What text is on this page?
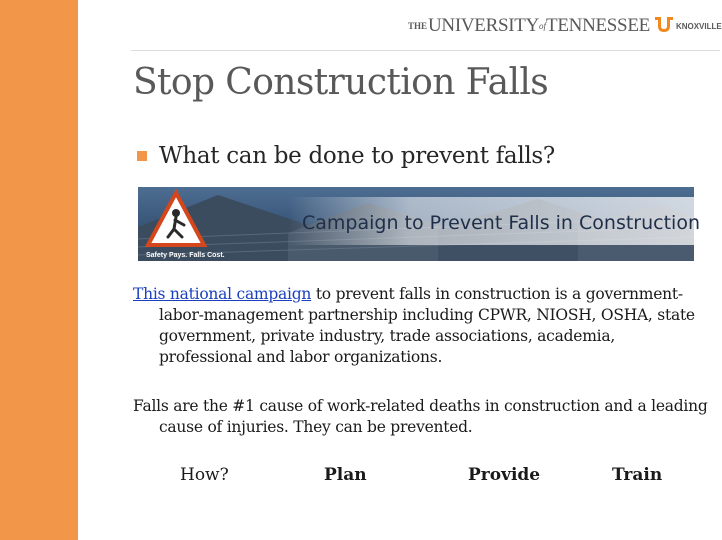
THE UNIVERSITY of TENNESSEE	KNOXVILLE
Stop Construction Falls
What can be done to prevent falls?
Campaign to Prevent Falls in Construction
Safety Pays. Falls Cost.

This national campaign to prevent falls in construction is a government-labor-management partnership including CPWR, NIOSH, OSHA, state government, private industry, trade associations, academia, professional and labor organizations.

Falls are the #1 cause of work-related deaths in construction and a leading cause of injuries. They can be prevented.

How?	Plan	Provide	Train
